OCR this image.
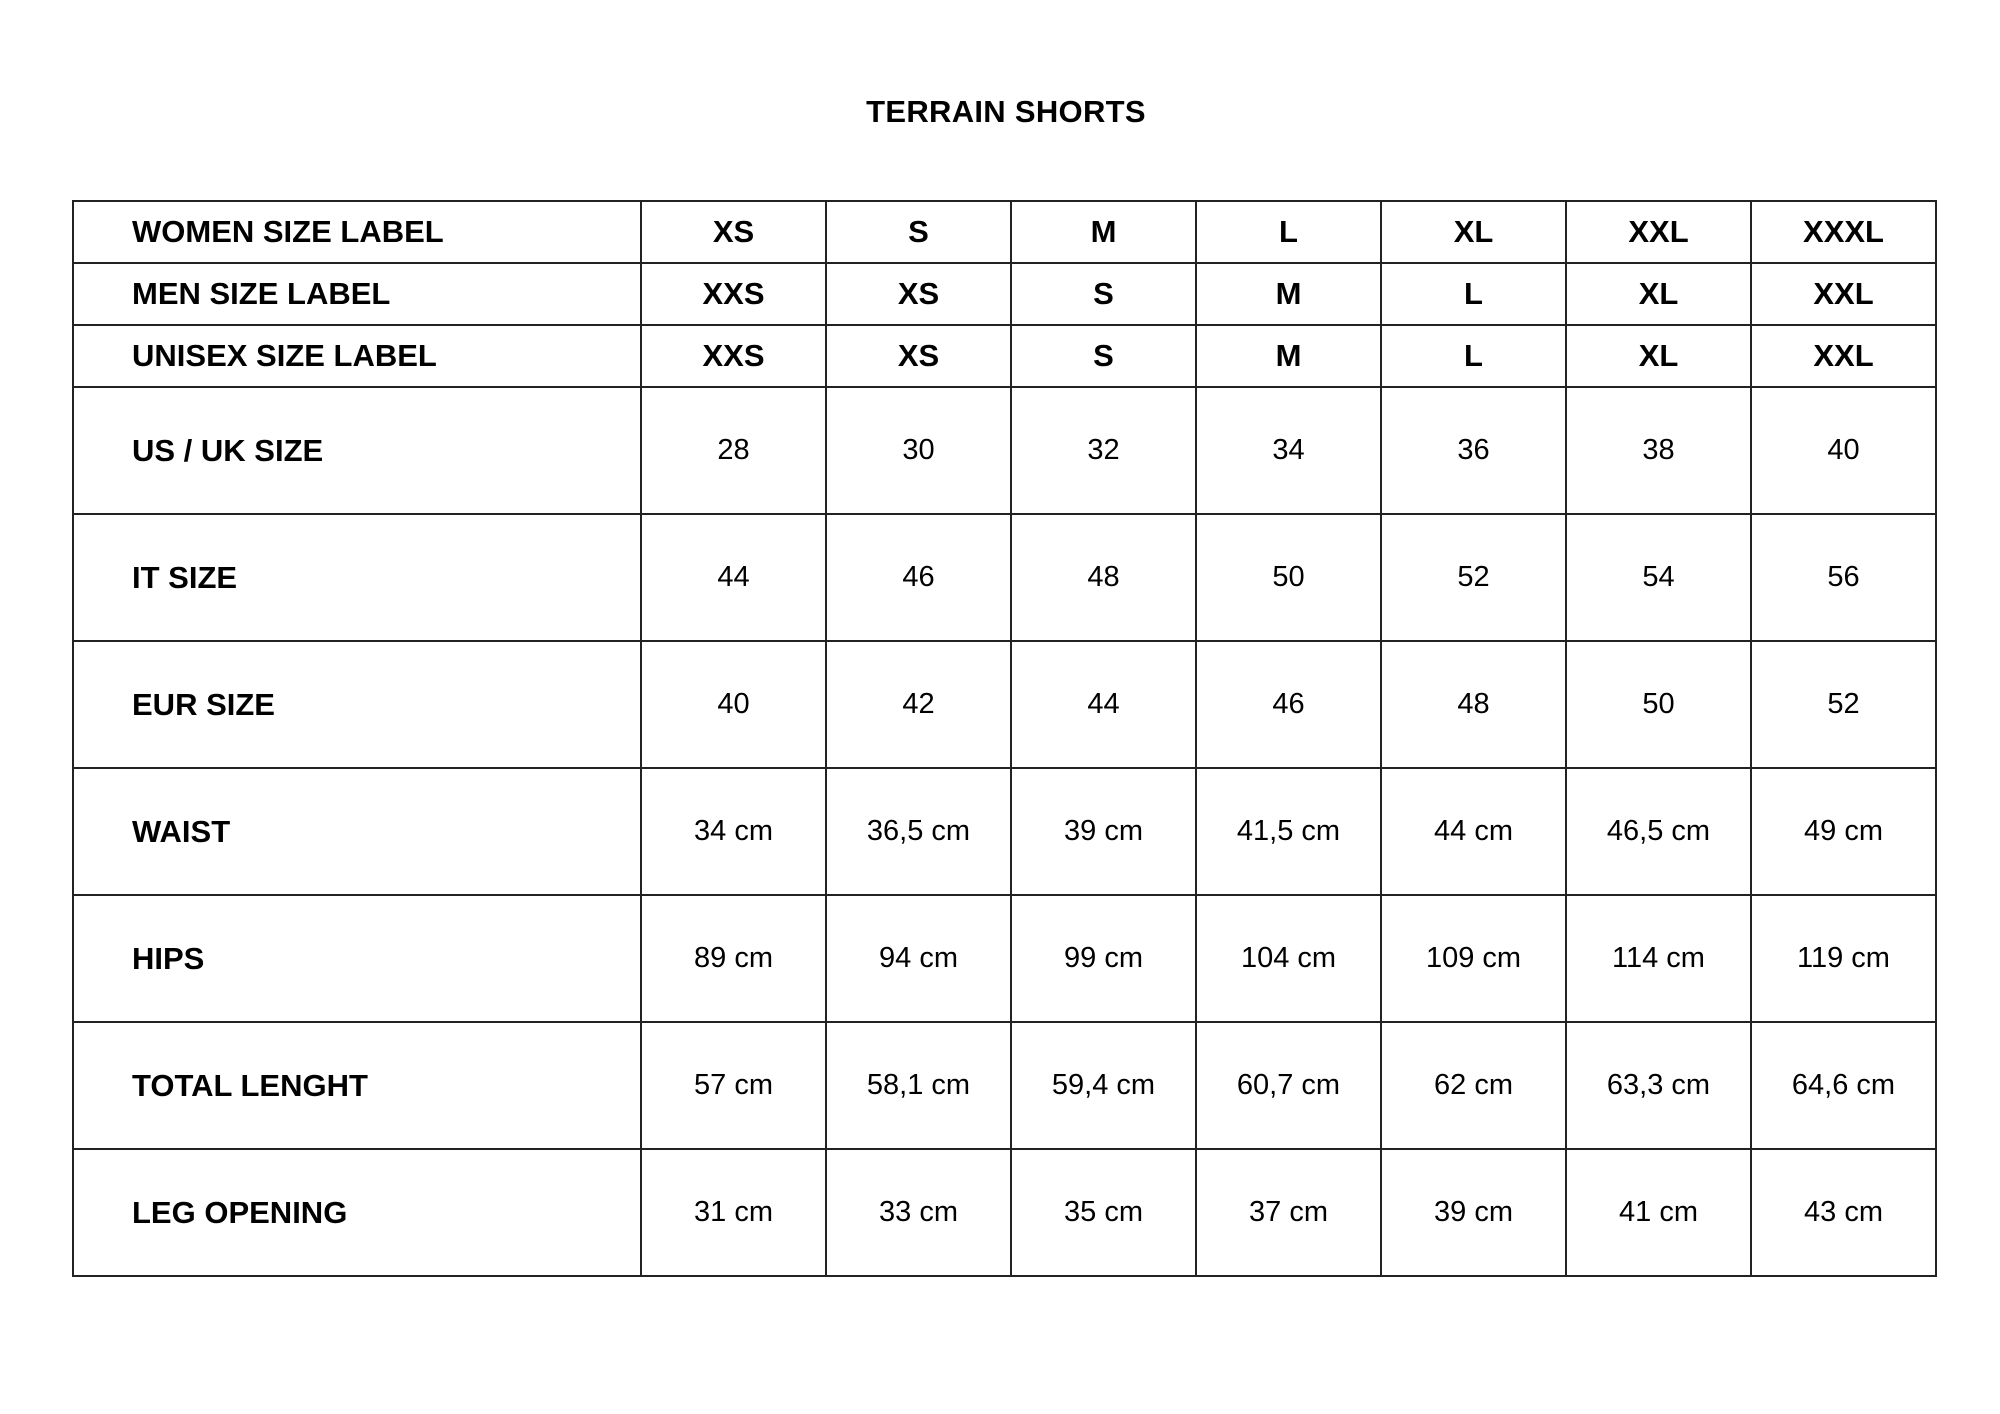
TERRAIN SHORTS
WOMEN SIZE LABEL	XS	S	M	L	XL	XXL	XXXL
MEN SIZE LABEL	XXS	XS	S	M	L	XL	XXL
UNISEX SIZE LABEL	XXS	XS	S	M	L	XL	XXL
US / UK SIZE	28	30	32	34	36	38	40
IT SIZE	44	46	48	50	52	54	56
EUR SIZE	40	42	44	46	48	50	52
WAIST	34 cm	36,5 cm	39 cm	41,5 cm	44 cm	46,5 cm	49 cm
HIPS	89 cm	94 cm	99 cm	104 cm	109 cm	114 cm	119 cm
TOTAL LENGHT	57 cm	58,1 cm	59,4 cm	60,7 cm	62 cm	63,3 cm	64,6 cm
LEG OPENING	31 cm	33 cm	35 cm	37 cm	39 cm	41 cm	43 cm
